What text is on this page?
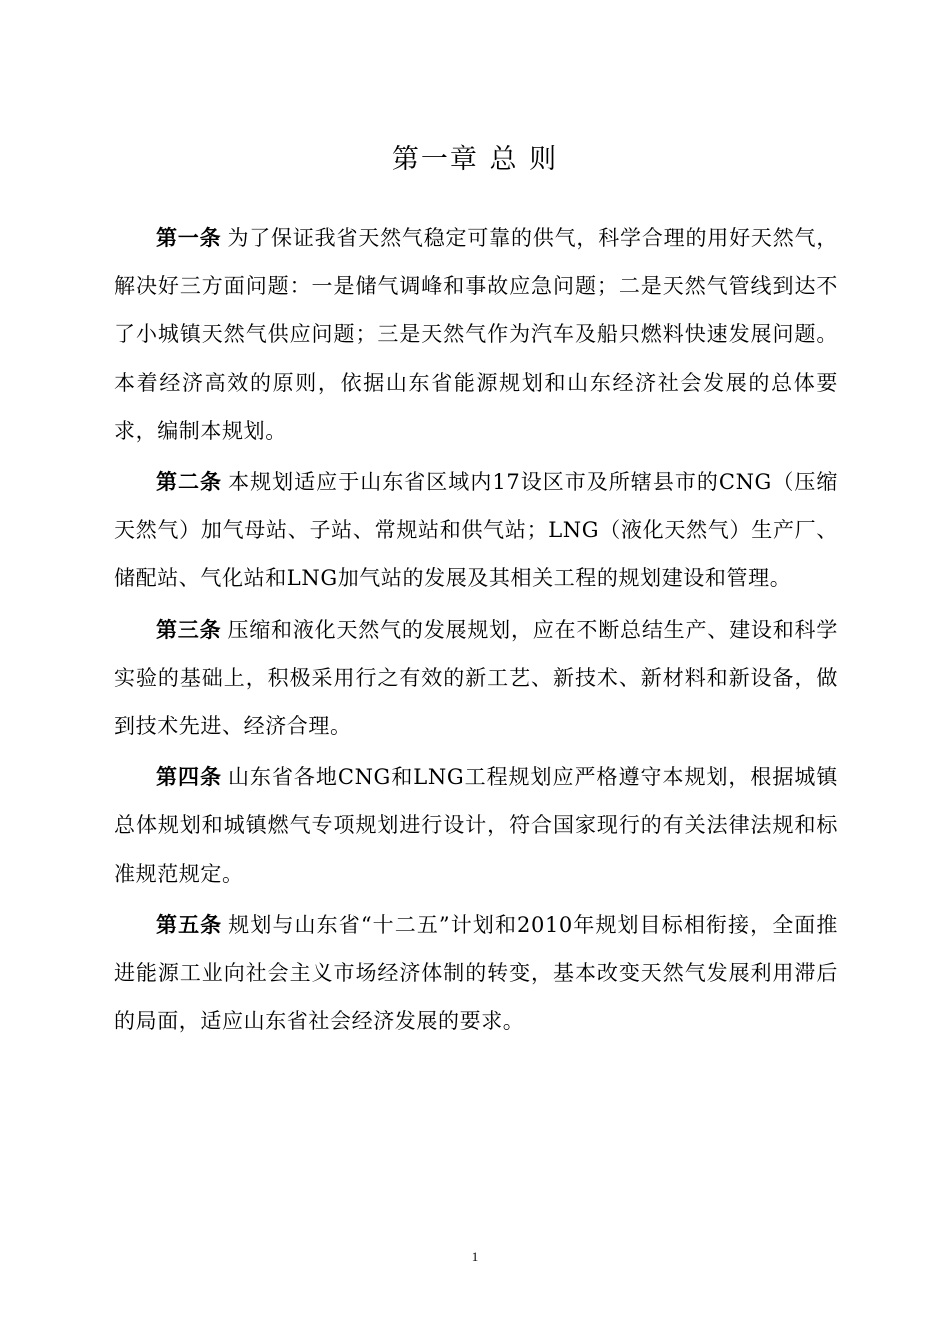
第一章 总 则

第一条 为了保证我省天然气稳定可靠的供气，科学合理的用好天然气，解决好三方面问题：一是储气调峰和事故应急问题；二是天然气管线到达不了小城镇天然气供应问题；三是天然气作为汽车及船只燃料快速发展问题。本着经济高效的原则，依据山东省能源规划和山东经济社会发展的总体要求，编制本规划。

第二条 本规划适应于山东省区域内17设区市及所辖县市的CNG（压缩天然气）加气母站、子站、常规站和供气站；LNG（液化天然气）生产厂、储配站、气化站和LNG加气站的发展及其相关工程的规划建设和管理。

第三条 压缩和液化天然气的发展规划，应在不断总结生产、建设和科学实验的基础上，积极采用行之有效的新工艺、新技术、新材料和新设备，做到技术先进、经济合理。

第四条 山东省各地CNG和LNG工程规划应严格遵守本规划，根据城镇总体规划和城镇燃气专项规划进行设计，符合国家现行的有关法律法规和标准规范规定。

第五条 规划与山东省“十二五”计划和2010年规划目标相衔接，全面推进能源工业向社会主义市场经济体制的转变，基本改变天然气发展利用滞后的局面，适应山东省社会经济发展的要求。

1
